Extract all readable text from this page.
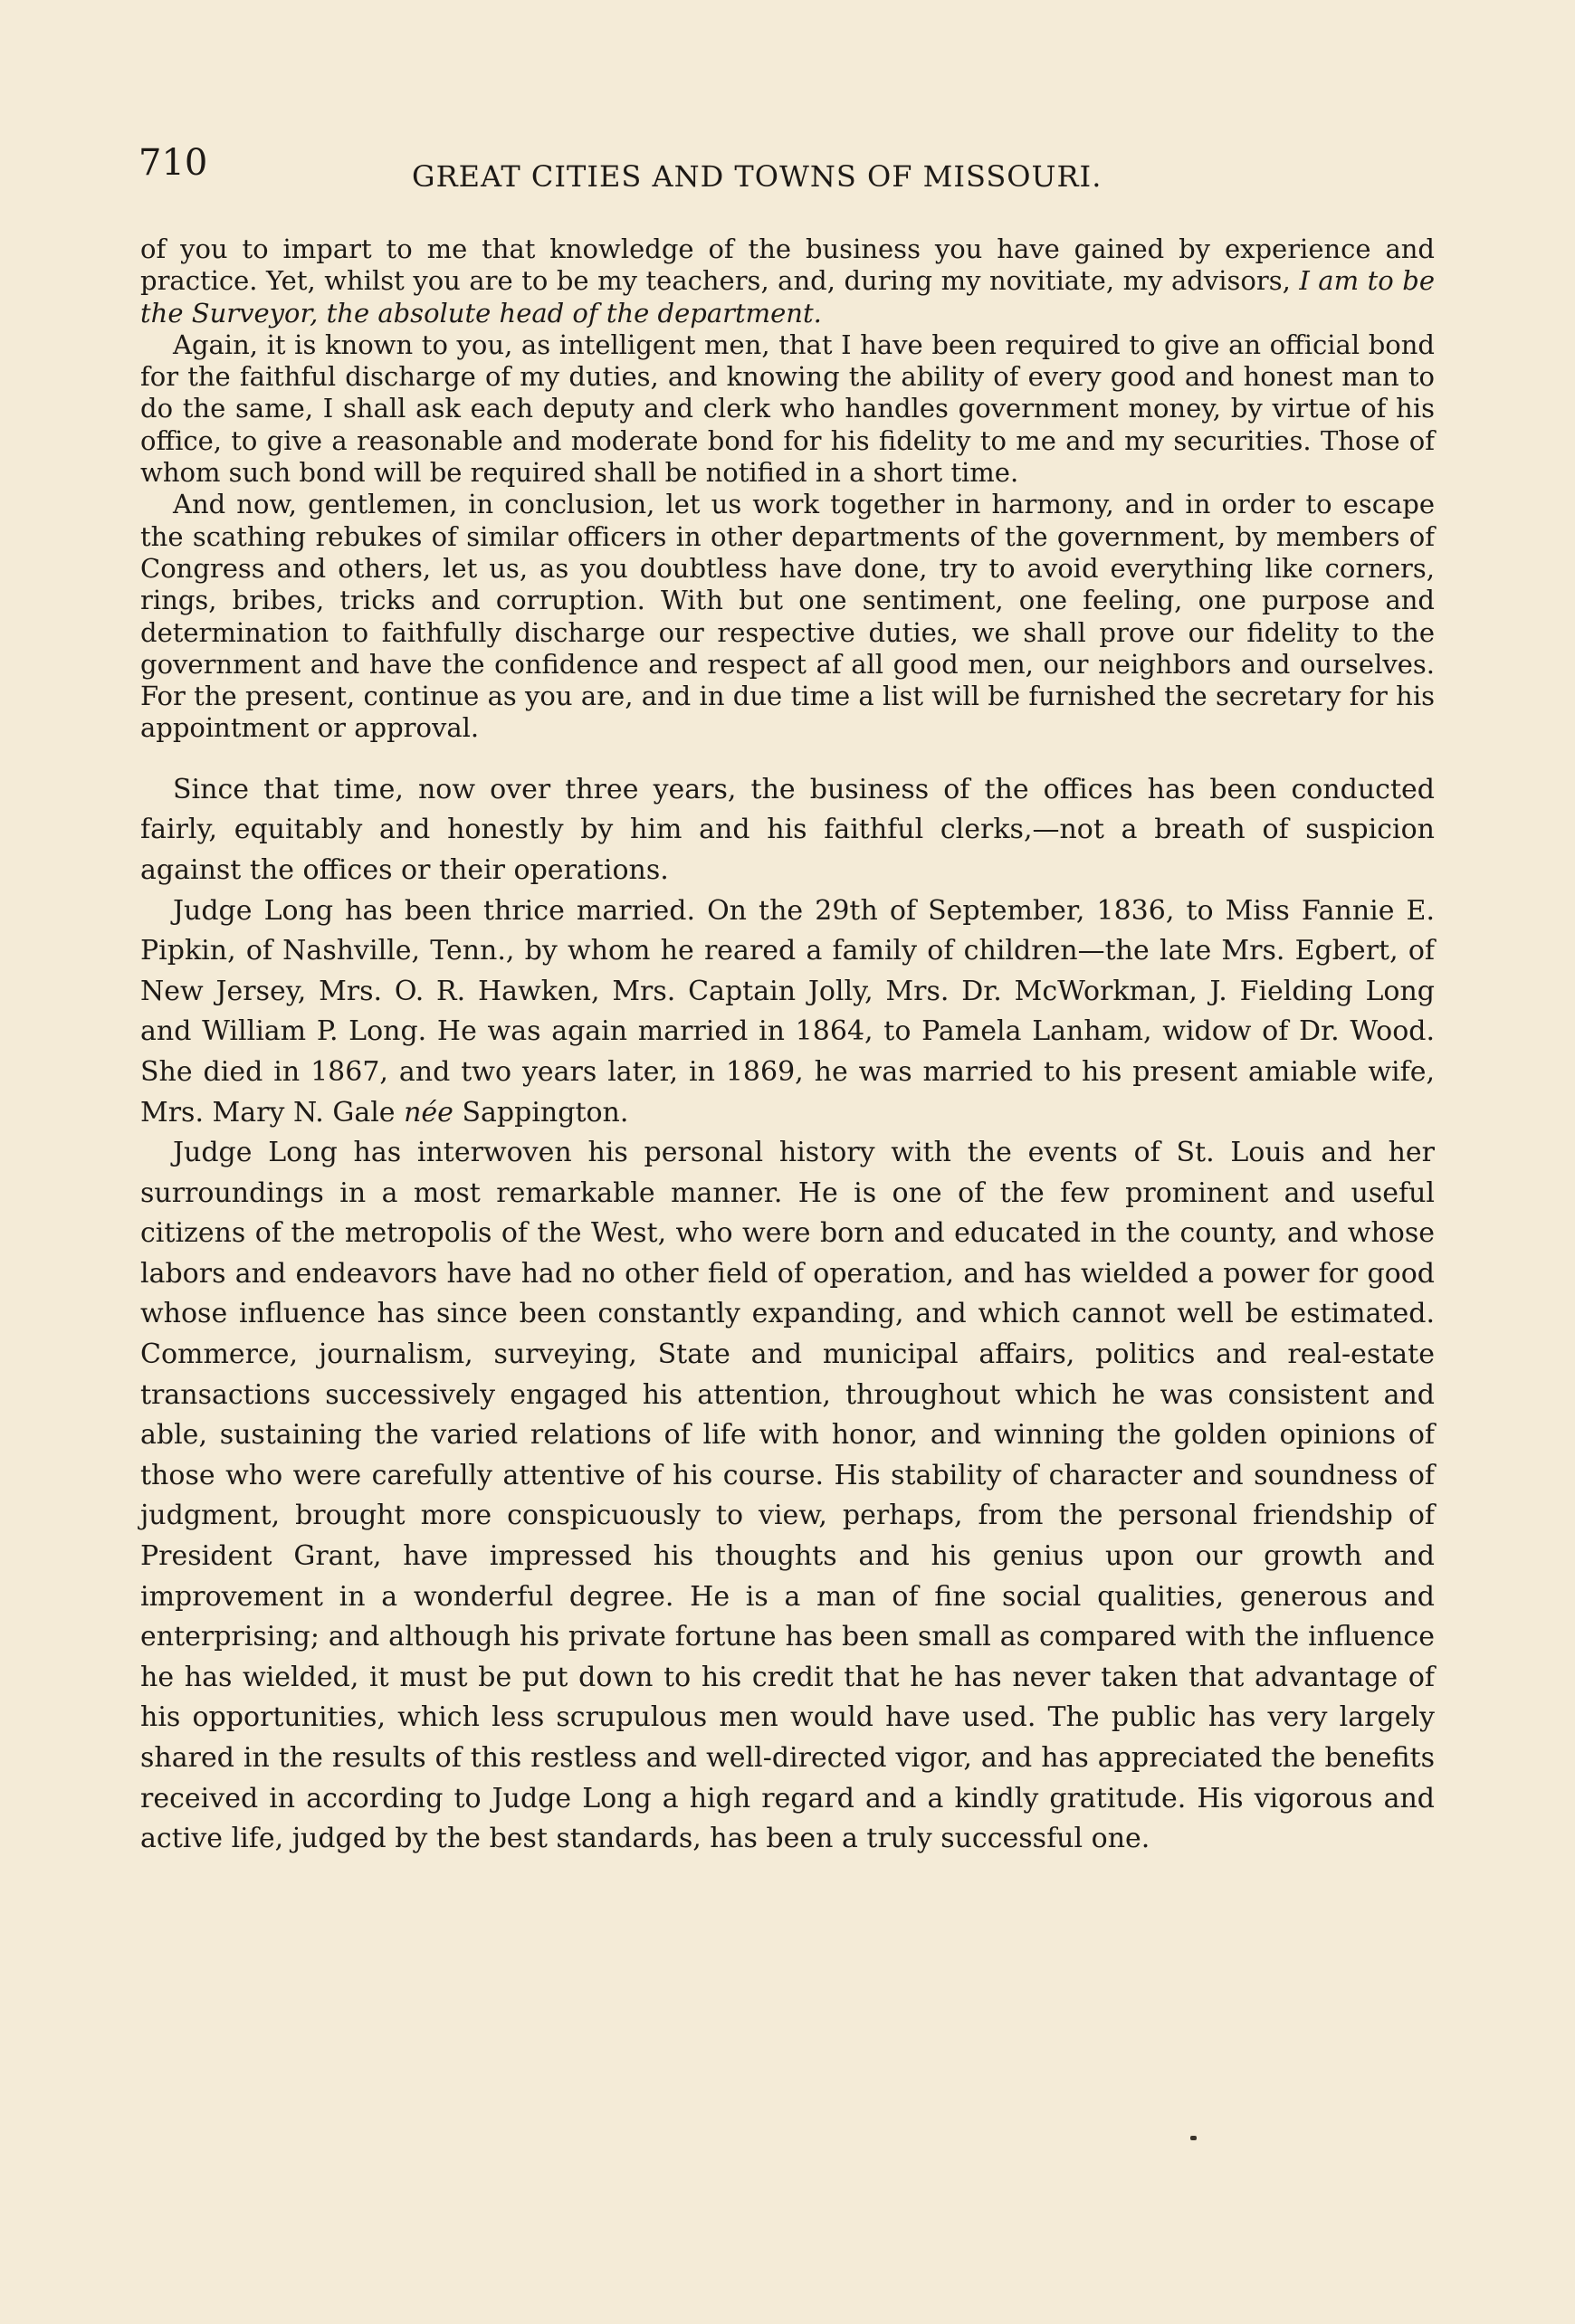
710	GREAT CITIES AND TOWNS OF MISSOURI.

of you to impart to me that knowledge of the business you have gained by experience and practice. Yet, whilst you are to be my teachers, and, during my novitiate, my advisors, I am to be the Surveyor, the absolute head of the department.

Again, it is known to you, as intelligent men, that I have been required to give an official bond for the faithful discharge of my duties, and knowing the ability of every good and honest man to do the same, I shall ask each deputy and clerk who handles government money, by virtue of his office, to give a reasonable and moderate bond for his fidelity to me and my securities. Those of whom such bond will be required shall be notified in a short time.

And now, gentlemen, in conclusion, let us work together in harmony, and in order to escape the scathing rebukes of similar officers in other departments of the government, by members of Congress and others, let us, as you doubtless have done, try to avoid everything like corners, rings, bribes, tricks and corruption. With but one sentiment, one feeling, one purpose and determination to faithfully discharge our respective duties, we shall prove our fidelity to the government and have the confidence and respect af all good men, our neighbors and ourselves. For the present, continue as you are, and in due time a list will be furnished the secretary for his appointment or approval.

Since that time, now over three years, the business of the offices has been conducted fairly, equitably and honestly by him and his faithful clerks,—not a breath of suspicion against the offices or their operations.

Judge Long has been thrice married. On the 29th of September, 1836, to Miss Fannie E. Pipkin, of Nashville, Tenn., by whom he reared a family of children—the late Mrs. Egbert, of New Jersey, Mrs. O. R. Hawken, Mrs. Captain Jolly, Mrs. Dr. McWorkman, J. Fielding Long and William P. Long. He was again married in 1864, to Pamela Lanham, widow of Dr. Wood. She died in 1867, and two years later, in 1869, he was married to his present amiable wife, Mrs. Mary N. Gale née Sappington.

Judge Long has interwoven his personal history with the events of St. Louis and her surroundings in a most remarkable manner. He is one of the few prominent and useful citizens of the metropolis of the West, who were born and educated in the county, and whose labors and endeavors have had no other field of operation, and has wielded a power for good whose influence has since been constantly expanding, and which cannot well be estimated. Commerce, journalism, surveying, State and municipal affairs, politics and real-estate transactions successively engaged his attention, throughout which he was consistent and able, sustaining the varied relations of life with honor, and winning the golden opinions of those who were carefully attentive of his course. His stability of character and soundness of judgment, brought more conspicuously to view, perhaps, from the personal friendship of President Grant, have impressed his thoughts and his genius upon our growth and improvement in a wonderful degree. He is a man of fine social qualities, generous and enterprising; and although his private fortune has been small as compared with the influence he has wielded, it must be put down to his credit that he has never taken that advantage of his opportunities, which less scrupulous men would have used. The public has very largely shared in the results of this restless and well-directed vigor, and has appreciated the benefits received in according to Judge Long a high regard and a kindly gratitude. His vigorous and active life, judged by the best standards, has been a truly successful one.
